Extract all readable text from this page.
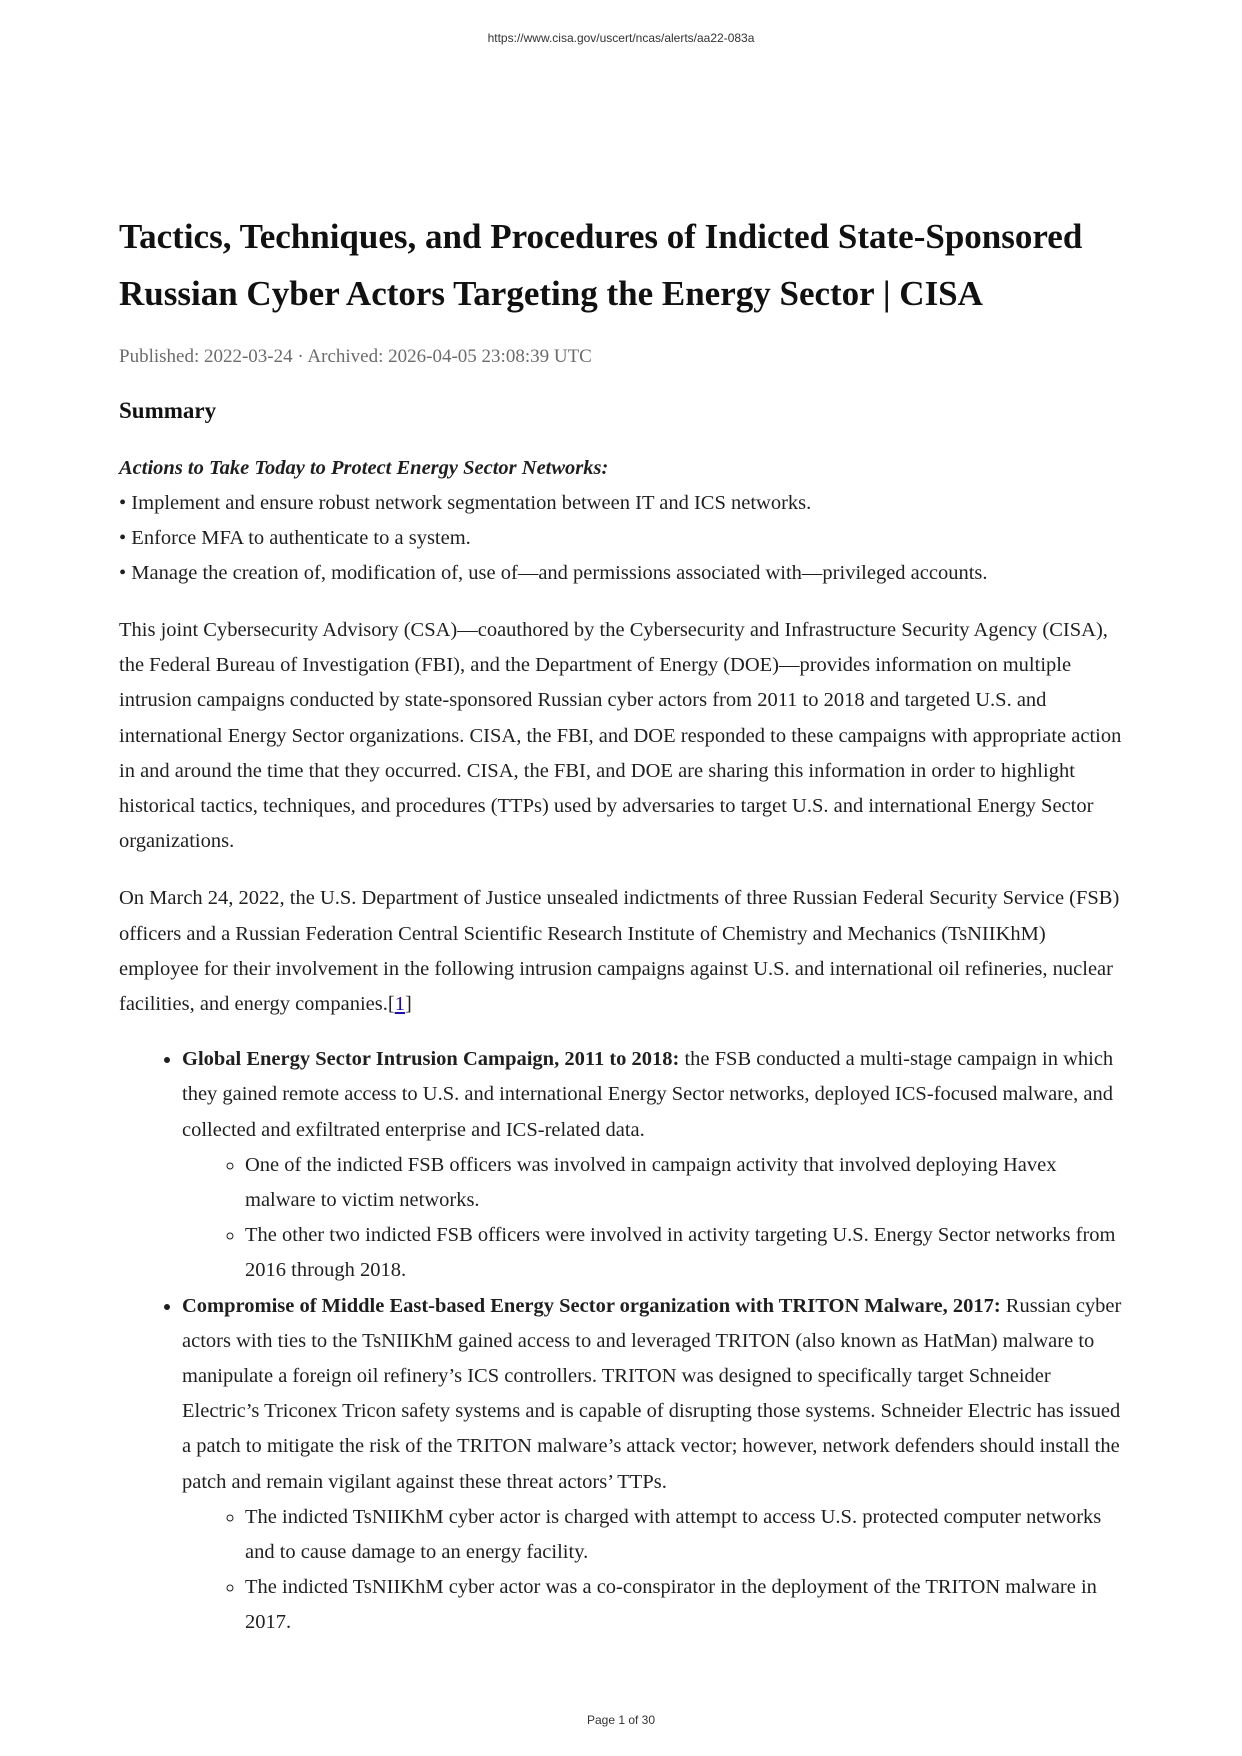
https://www.cisa.gov/uscert/ncas/alerts/aa22-083a
Tactics, Techniques, and Procedures of Indicted State-Sponsored
Russian Cyber Actors Targeting the Energy Sector | CISA
Published: 2022-03-24 · Archived: 2026-04-05 23:08:39 UTC
Summary
Actions to Take Today to Protect Energy Sector Networks:
• Implement and ensure robust network segmentation between IT and ICS networks.
• Enforce MFA to authenticate to a system.
• Manage the creation of, modification of, use of—and permissions associated with—privileged accounts.

This joint Cybersecurity Advisory (CSA)—coauthored by the Cybersecurity and Infrastructure Security Agency (CISA), the Federal Bureau of Investigation (FBI), and the Department of Energy (DOE)—provides information on multiple intrusion campaigns conducted by state-sponsored Russian cyber actors from 2011 to 2018 and targeted U.S. and international Energy Sector organizations. CISA, the FBI, and DOE responded to these campaigns with appropriate action in and around the time that they occurred. CISA, the FBI, and DOE are sharing this information in order to highlight historical tactics, techniques, and procedures (TTPs) used by adversaries to target U.S. and international Energy Sector organizations.

On March 24, 2022, the U.S. Department of Justice unsealed indictments of three Russian Federal Security Service (FSB) officers and a Russian Federation Central Scientific Research Institute of Chemistry and Mechanics (TsNIIKhM) employee for their involvement in the following intrusion campaigns against U.S. and international oil refineries, nuclear facilities, and energy companies.[1]

• Global Energy Sector Intrusion Campaign, 2011 to 2018: the FSB conducted a multi-stage campaign in which they gained remote access to U.S. and international Energy Sector networks, deployed ICS-focused malware, and collected and exfiltrated enterprise and ICS-related data.
◦ One of the indicted FSB officers was involved in campaign activity that involved deploying Havex malware to victim networks.
◦ The other two indicted FSB officers were involved in activity targeting U.S. Energy Sector networks from 2016 through 2018.
• Compromise of Middle East-based Energy Sector organization with TRITON Malware, 2017: Russian cyber actors with ties to the TsNIIKhM gained access to and leveraged TRITON (also known as HatMan) malware to manipulate a foreign oil refinery’s ICS controllers. TRITON was designed to specifically target Schneider Electric’s Triconex Tricon safety systems and is capable of disrupting those systems. Schneider Electric has issued a patch to mitigate the risk of the TRITON malware’s attack vector; however, network defenders should install the patch and remain vigilant against these threat actors’ TTPs.
◦ The indicted TsNIIKhM cyber actor is charged with attempt to access U.S. protected computer networks and to cause damage to an energy facility.
◦ The indicted TsNIIKhM cyber actor was a co-conspirator in the deployment of the TRITON malware in 2017.
Page 1 of 30
